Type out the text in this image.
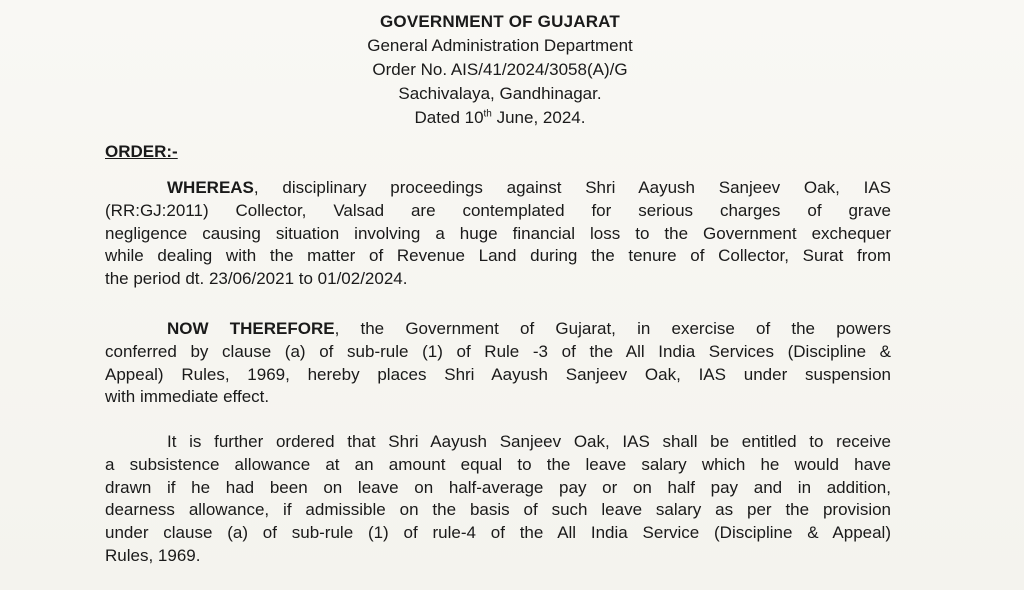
GOVERNMENT OF GUJARAT
General Administration Department
Order No. AIS/41/2024/3058(A)/G
Sachivalaya, Gandhinagar.
Dated 10th June, 2024.
ORDER:-
WHEREAS, disciplinary proceedings against Shri Aayush Sanjeev Oak, IAS
(RR:GJ:2011) Collector, Valsad are contemplated for serious charges of grave
negligence causing situation involving a huge financial loss to the Government exchequer
while dealing with the matter of Revenue Land during the tenure of Collector, Surat from
the period dt. 23/06/2021 to 01/02/2024.
NOW THEREFORE, the Government of Gujarat, in exercise of the powers
conferred by clause (a) of sub-rule (1) of Rule -3 of the All India Services (Discipline &
Appeal) Rules, 1969, hereby places Shri Aayush Sanjeev Oak, IAS under suspension
with immediate effect.
It is further ordered that Shri Aayush Sanjeev Oak, IAS shall be entitled to receive
a subsistence allowance at an amount equal to the leave salary which he would have
drawn if he had been on leave on half-average pay or on half pay and in addition,
dearness allowance, if admissible on the basis of such leave salary as per the provision
under clause (a) of sub-rule (1) of rule-4 of the All India Service (Discipline & Appeal)
Rules, 1969.
